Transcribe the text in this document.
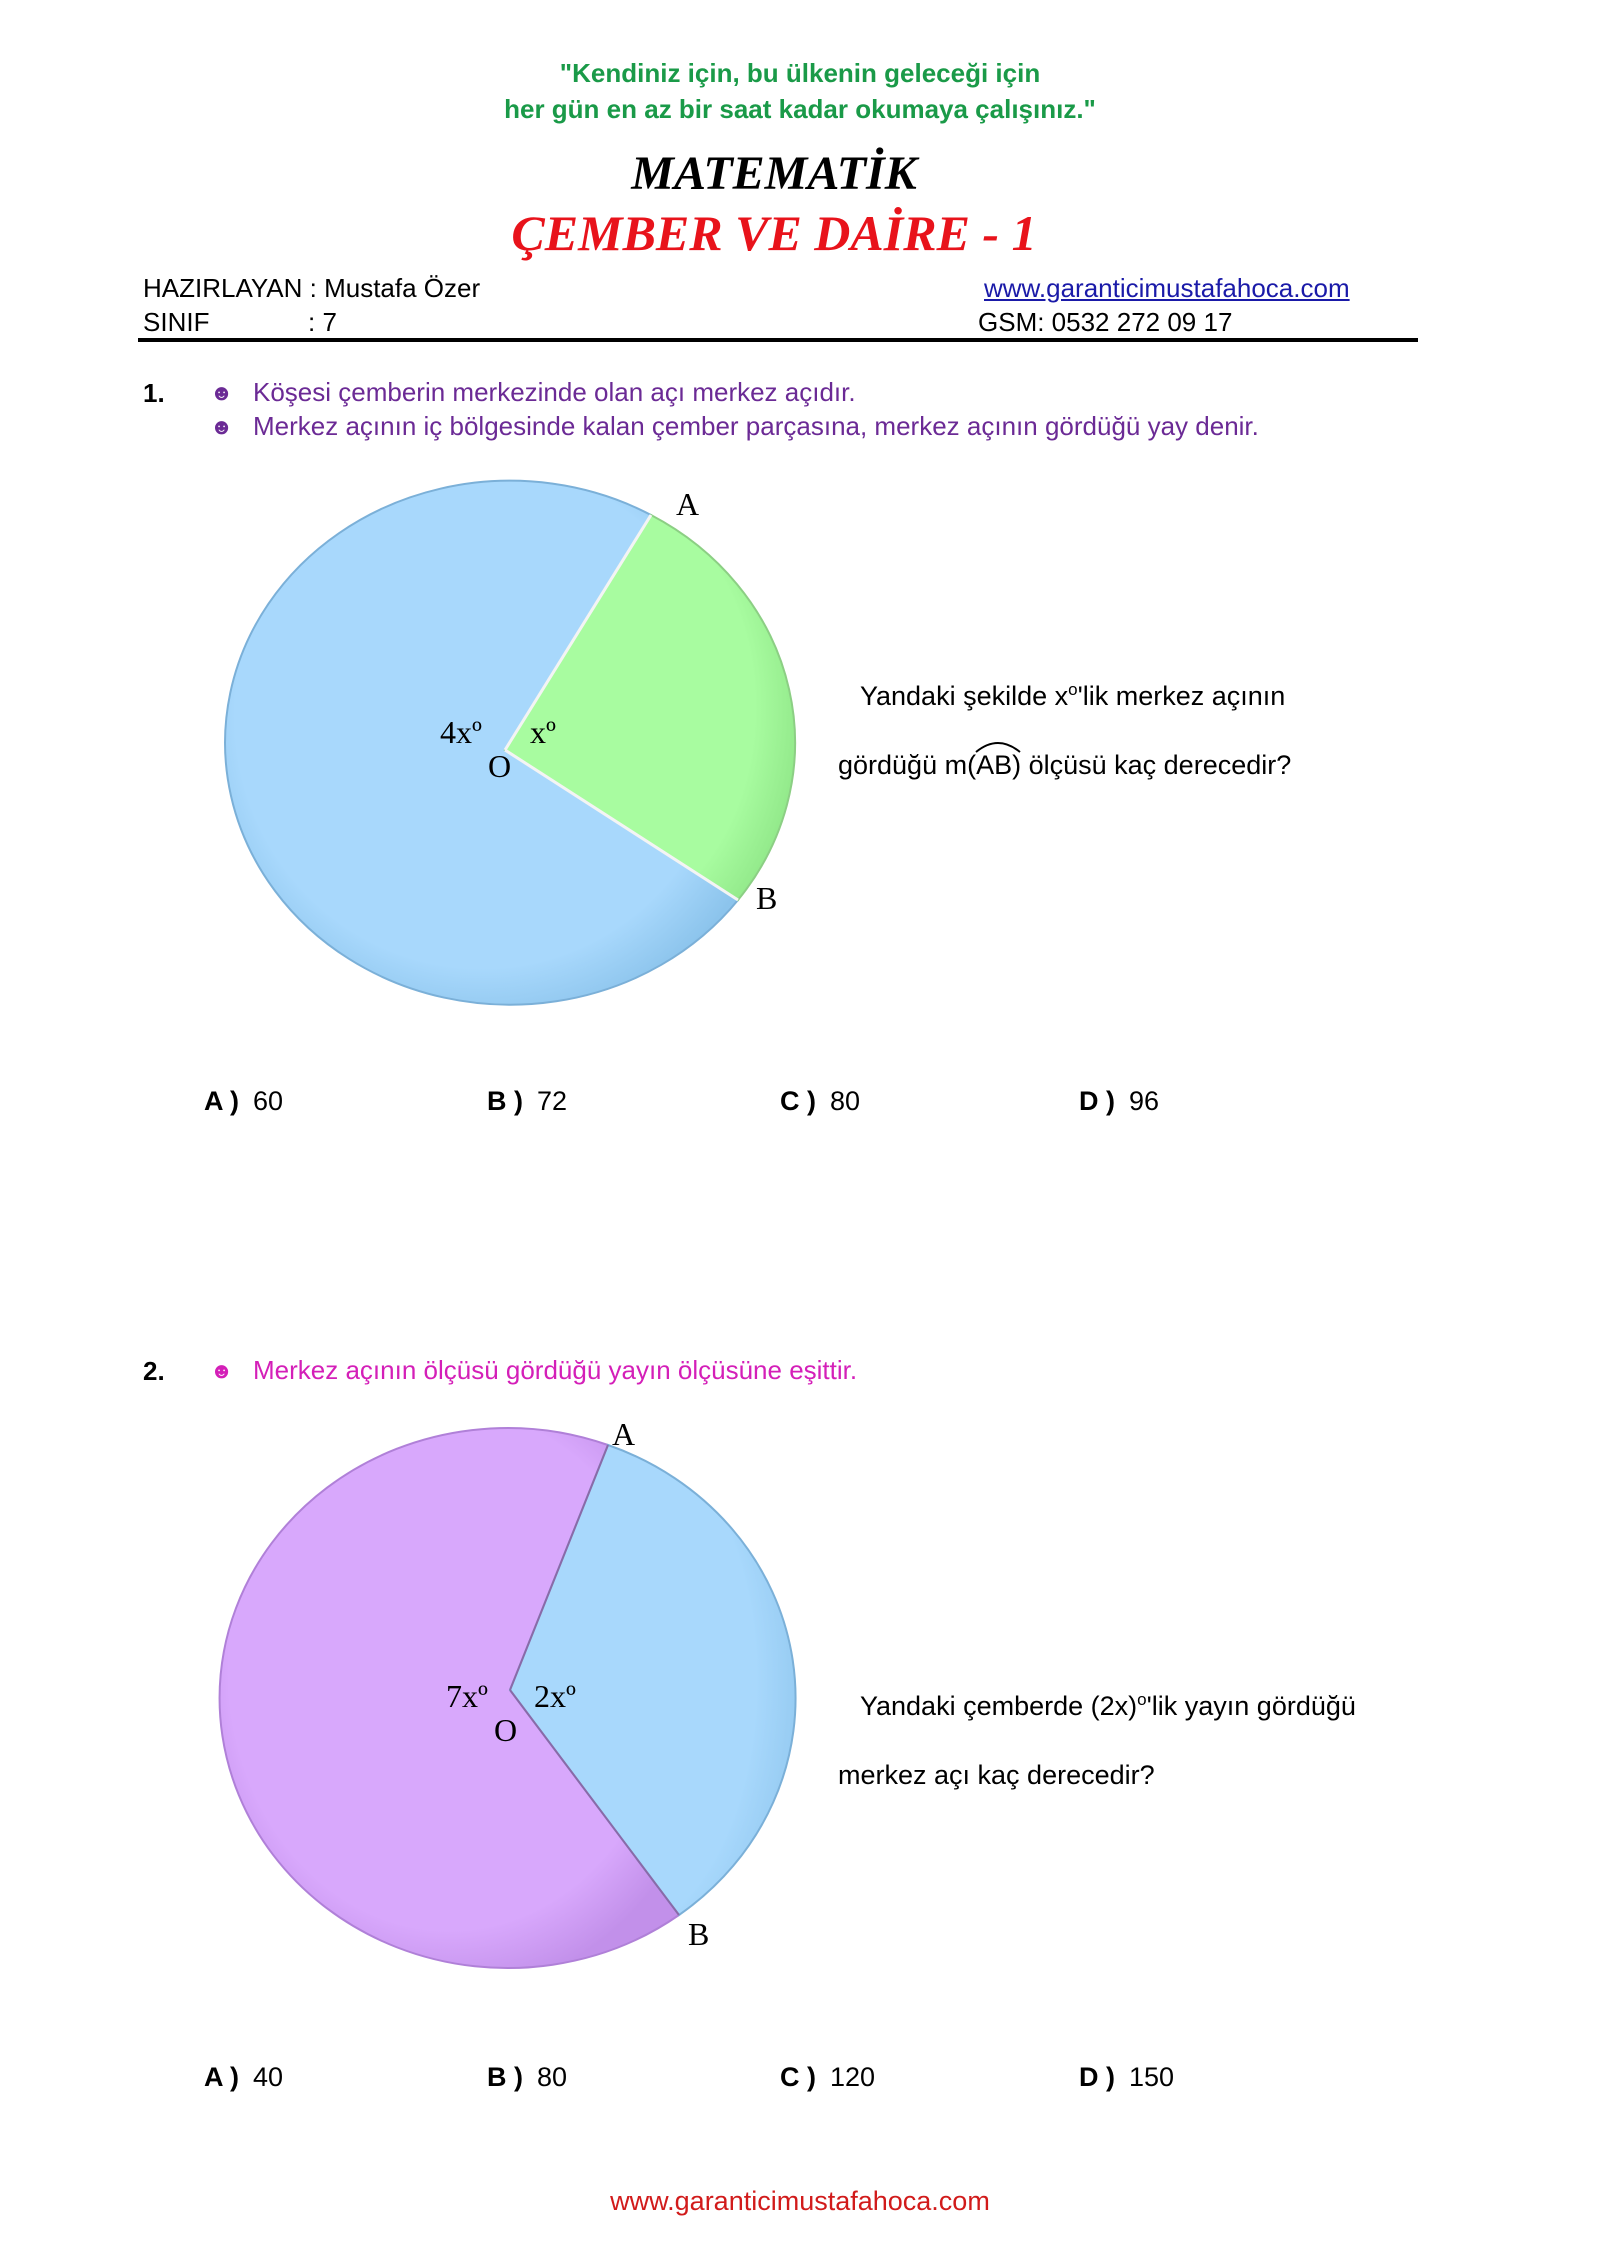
"Kendiniz için, bu ülkenin geleceği için
her gün en az bir saat kadar okumaya çalışınız."
MATEMATİK
ÇEMBER VE DAİRE - 1
HAZIRLAYAN : Mustafa Özer
SINIF	: 7
www.garanticimustafahoca.com
GSM: 0532 272 09 17
1. ☻ Köşesi çemberin merkezinde olan açı merkez açıdır.
☻ Merkez açının iç bölgesinde kalan çember parçasına, merkez açının gördüğü yay denir.
A
B
O
4xº xº
Yandaki şekilde $x^o'lik$ merkez açının
gördüğü m(
AB) ölçüsü kaç derecedir?
A ) 60	B ) 72	C ) 80	D ) 96
2. ☻ Merkez açının ölçüsü gördüğü yayın ölçüsüne eşittir.
A
B
O
7xº 2xº	Yandaki çemberde $(2x)^o'lik$ yayın gördüğü
merkez açı kaç derecedir?
A ) 40	B ) 80	C ) 120	D ) 150
www.garanticimustafahoca.com
